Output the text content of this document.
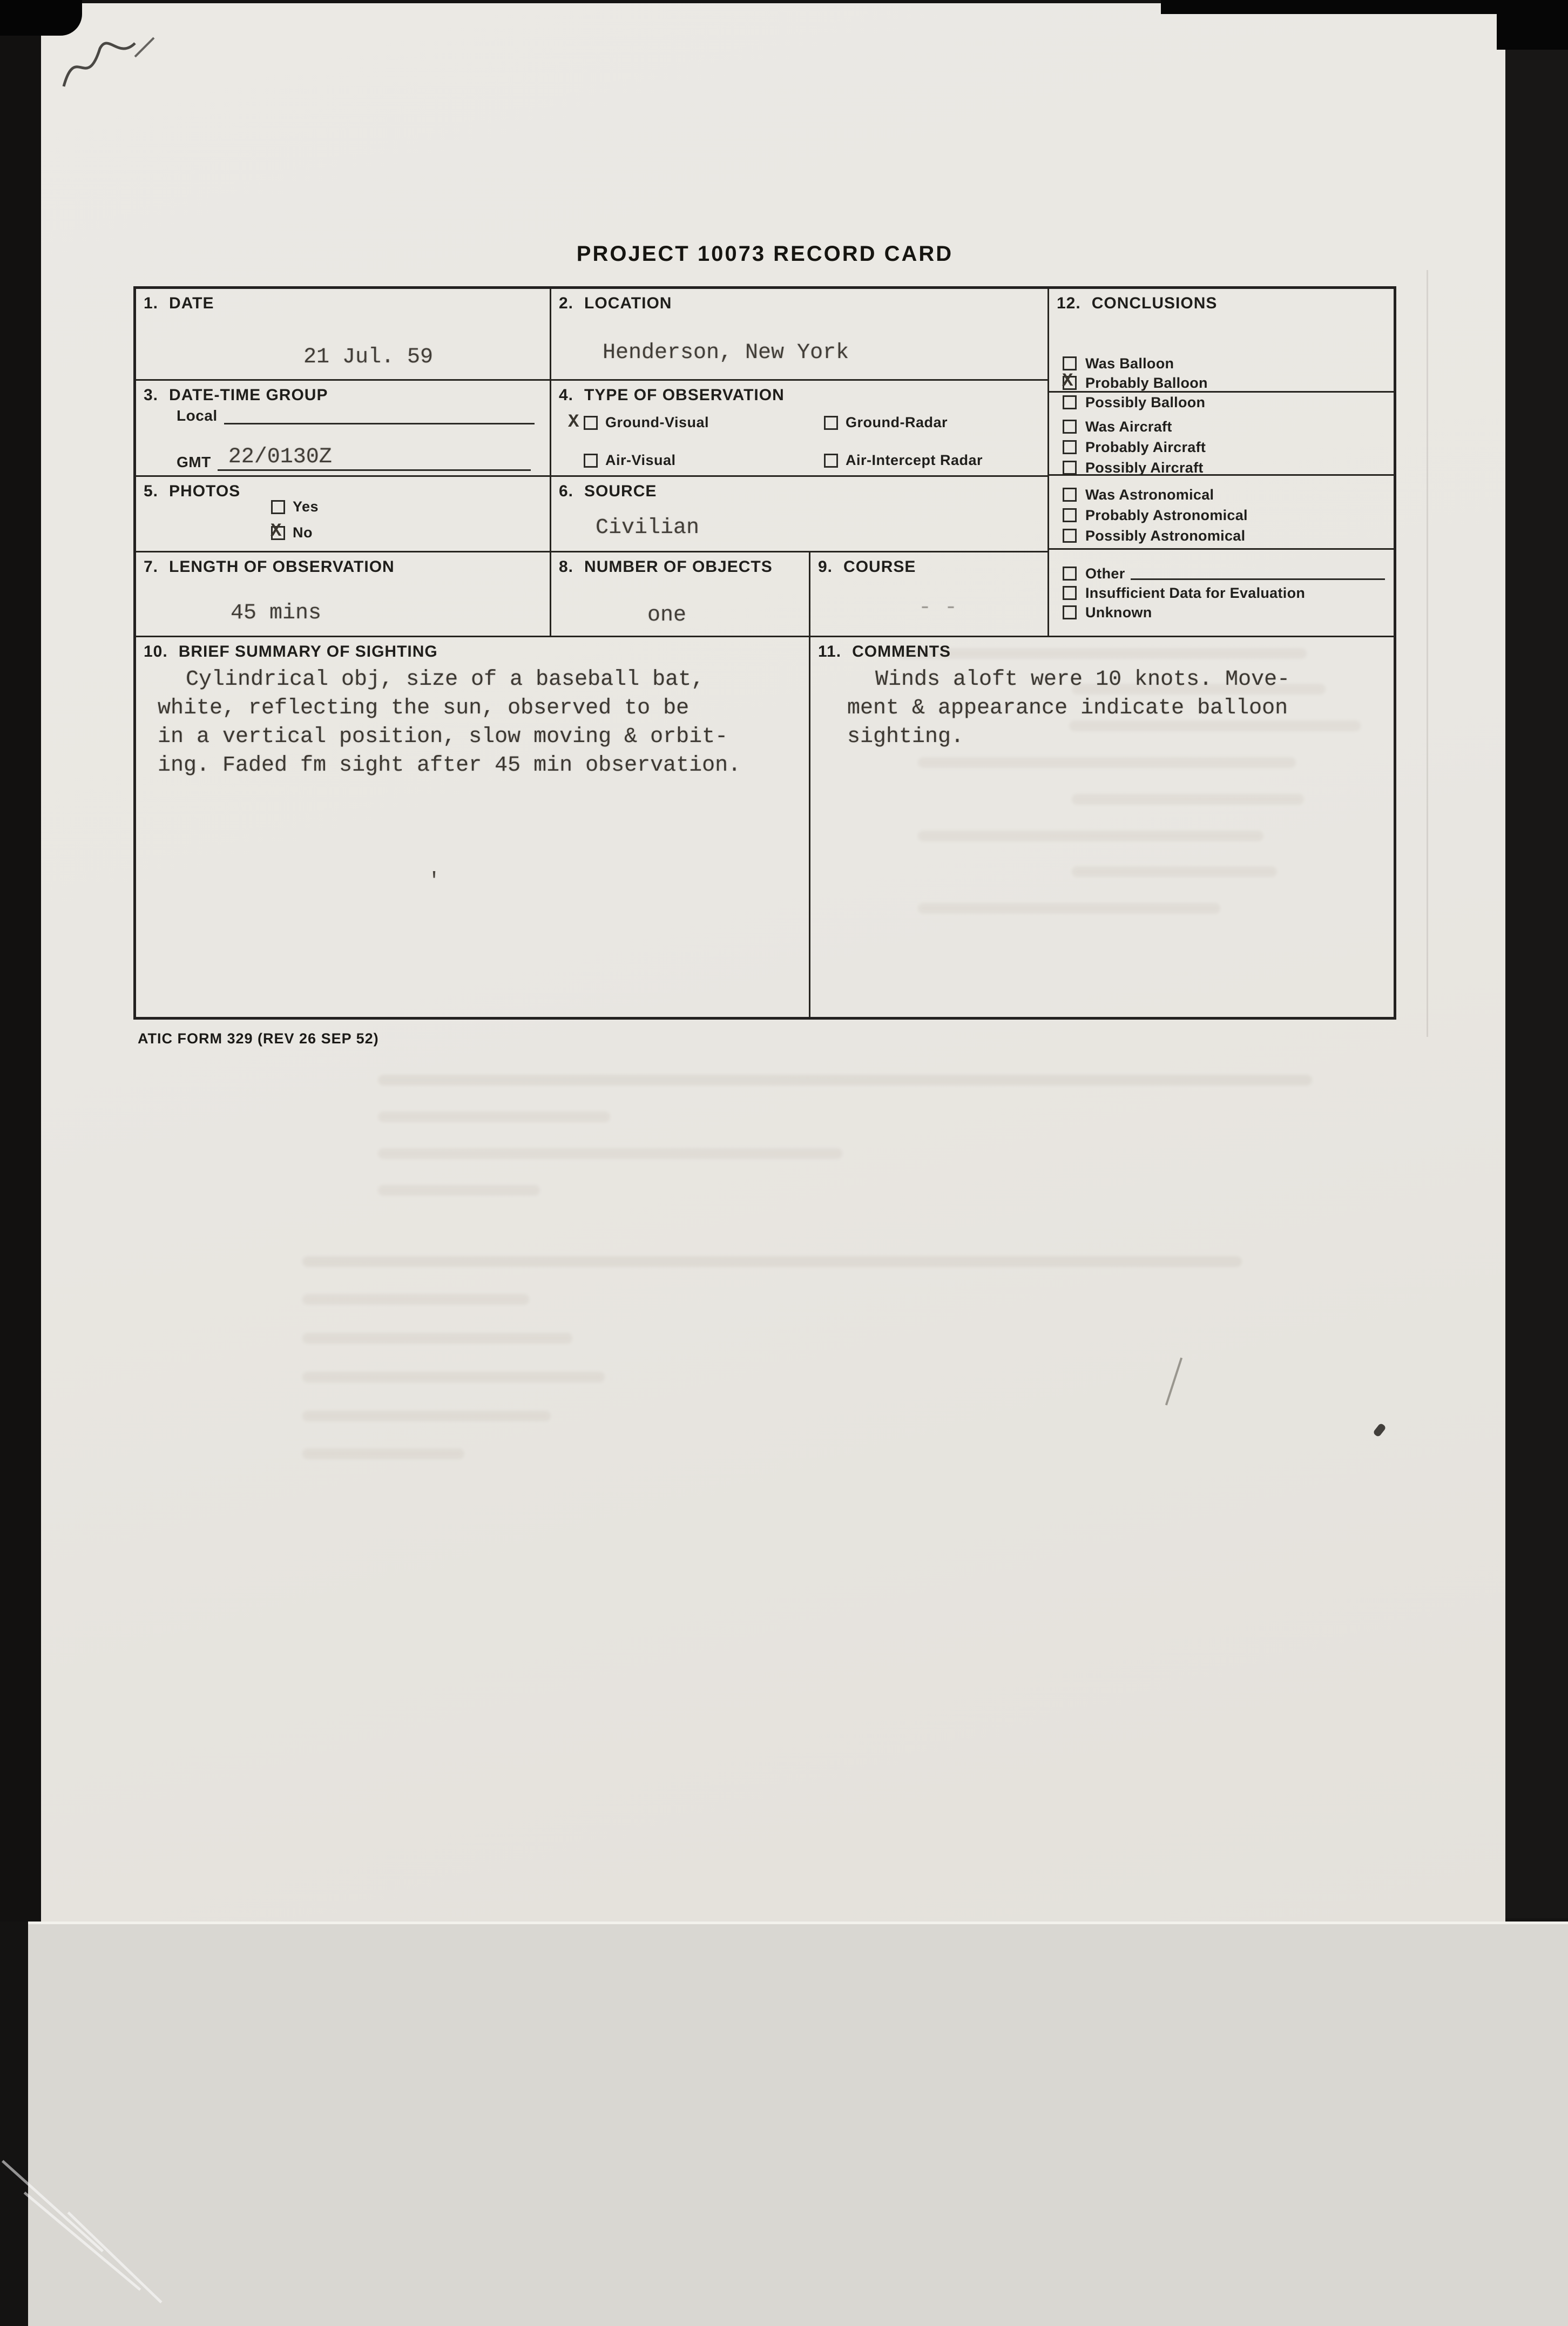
PROJECT 10073 RECORD CARD
1. DATE
21 Jul. 59
2. LOCATION
Henderson, New York
12. CONCLUSIONS
Was Balloon
X Probably Balloon
Possibly Balloon
Was Aircraft
Probably Aircraft
Possibly Aircraft
Was Astronomical
Probably Astronomical
Possibly Astronomical
Other
Insufficient Data for Evaluation
Unknown
3. DATE-TIME GROUP
Local
GMT 22/0130Z
4. TYPE OF OBSERVATION
X Ground-Visual	Ground-Radar
Air-Visual	Air-Intercept Radar
5. PHOTOS
Yes
X No
6. SOURCE
Civilian
7. LENGTH OF OBSERVATION
45 mins
8. NUMBER OF OBJECTS
one
9. COURSE
- -
10. BRIEF SUMMARY OF SIGHTING
Cylindrical obj, size of a baseball bat,
white, reflecting the sun, observed to be
in a vertical position, slow moving & orbit-
ing. Faded fm sight after 45 min observation.
'
11. COMMENTS
Winds aloft were 10 knots. Move-
ment & appearance indicate balloon
sighting.
ATIC FORM 329 (REV 26 SEP 52)
